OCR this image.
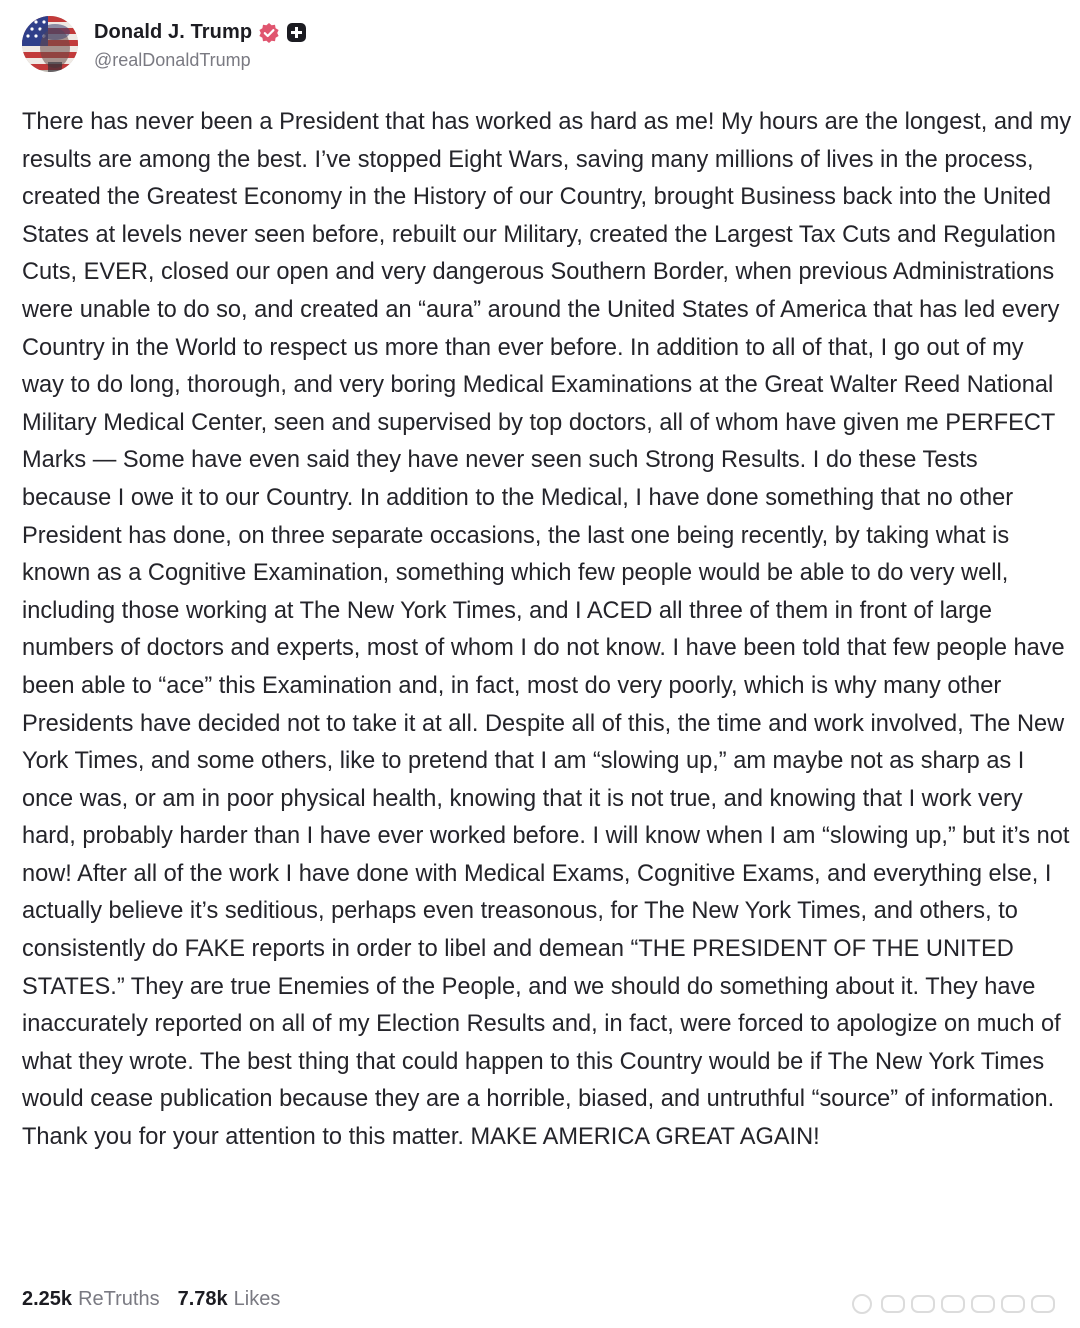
Donald J. Trump
@realDonaldTrump
There has never been a President that has worked as hard as me! My hours are the longest, and my results are among the best. I’ve stopped Eight Wars, saving many millions of lives in the process, created the Greatest Economy in the History of our Country, brought Business back into the United States at levels never seen before, rebuilt our Military, created the Largest Tax Cuts and Regulation Cuts, EVER, closed our open and very dangerous Southern Border, when previous Administrations were unable to do so, and created an “aura” around the United States of America that has led every Country in the World to respect us more than ever before. In addition to all of that, I go out of my way to do long, thorough, and very boring Medical Examinations at the Great Walter Reed National Military Medical Center, seen and supervised by top doctors, all of whom have given me PERFECT Marks — Some have even said they have never seen such Strong Results. I do these Tests because I owe it to our Country. In addition to the Medical, I have done something that no other President has done, on three separate occasions, the last one being recently, by taking what is known as a Cognitive Examination, something which few people would be able to do very well, including those working at The New York Times, and I ACED all three of them in front of large numbers of doctors and experts, most of whom I do not know. I have been told that few people have been able to “ace” this Examination and, in fact, most do very poorly, which is why many other Presidents have decided not to take it at all. Despite all of this, the time and work involved, The New York Times, and some others, like to pretend that I am “slowing up,” am maybe not as sharp as I once was, or am in poor physical health, knowing that it is not true, and knowing that I work very hard, probably harder than I have ever worked before. I will know when I am “slowing up,” but it’s not now! After all of the work I have done with Medical Exams, Cognitive Exams, and everything else, I actually believe it’s seditious, perhaps even treasonous, for The New York Times, and others, to consistently do FAKE reports in order to libel and demean “THE PRESIDENT OF THE UNITED STATES.” They are true Enemies of the People, and we should do something about it. They have inaccurately reported on all of my Election Results and, in fact, were forced to apologize on much of what they wrote. The best thing that could happen to this Country would be if The New York Times would cease publication because they are a horrible, biased, and untruthful “source” of information. Thank you for your attention to this matter. MAKE AMERICA GREAT AGAIN!
2.25k ReTruths 7.78k Likes
